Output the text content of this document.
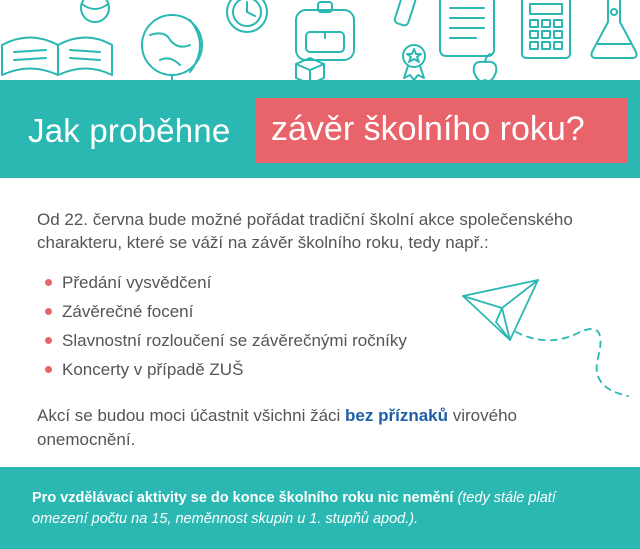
Jak proběhne závěr školního roku?
Od 22. června bude možné pořádat tradiční školní akce společenského charakteru, které se váží na závěr školního roku, tedy např.:
Předání vysvědčení
Závěrečné focení
Slavnostní rozloučení se závěrečnými ročníky
Koncerty v případě ZUŠ
Akcí se budou moci účastnit všichni žáci bez příznaků virového onemocnění.
Pro vzdělávací aktivity se do konce školního roku nic nemění (tedy stále platí omezení počtu na 15, neměnnost skupin u 1. stupňů apod.).
